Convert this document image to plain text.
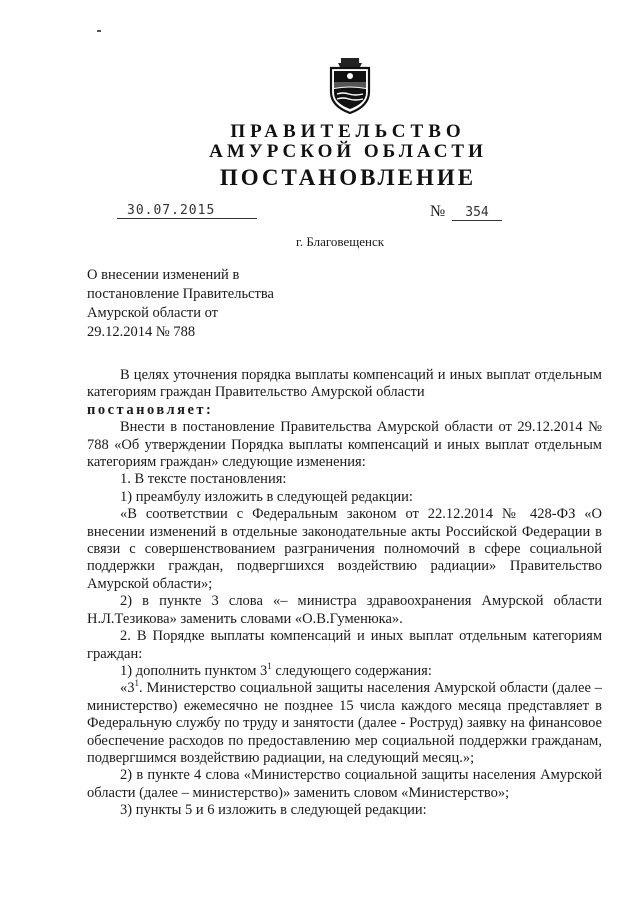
ПРАВИТЕЛЬСТВО
АМУРСКОЙ ОБЛАСТИ
ПОСТАНОВЛЕНИЕ
30.07.2015	№	354
г. Благовещенск
О внесении изменений в
постановление Правительства
Амурской области от
29.12.2014 № 788

В целях уточнения порядка выплаты компенсаций и иных выплат отдельным категориям граждан Правительство Амурской области

постановляет:

Внести в постановление Правительства Амурской области от 29.12.2014 № 788 «Об утверждении Порядка выплаты компенсаций и иных выплат отдельным категориям граждан» следующие изменения:

1. В тексте постановления:

1) преамбулу изложить в следующей редакции:

«В соответствии с Федеральным законом от 22.12.2014 № 428-ФЗ «О внесении изменений в отдельные законодательные акты Российской Федерации в связи с совершенствованием разграничения полномочий в сфере социальной поддержки граждан, подвергшихся воздействию радиации» Правительство Амурской области»;

2) в пункте 3 слова «– министра здравоохранения Амурской области Н.Л.Тезикова» заменить словами «О.В.Гуменюка».

2. В Порядке выплаты компенсаций и иных выплат отдельным категориям граждан:

1) дополнить пунктом $3^1$ следующего содержания:

«$3^1$. Министерство социальной защиты населения Амурской области (далее – министерство) ежемесячно не позднее 15 числа каждого месяца представляет в Федеральную службу по труду и занятости (далее - Роструд) заявку на финансовое обеспечение расходов по предоставлению мер социальной поддержки гражданам, подвергшимся воздействию радиации, на следующий месяц.»;

2) в пункте 4 слова «Министерство социальной защиты населения Амурской области (далее – министерство)» заменить словом «Министерство»;

3) пункты 5 и 6 изложить в следующей редакции:
